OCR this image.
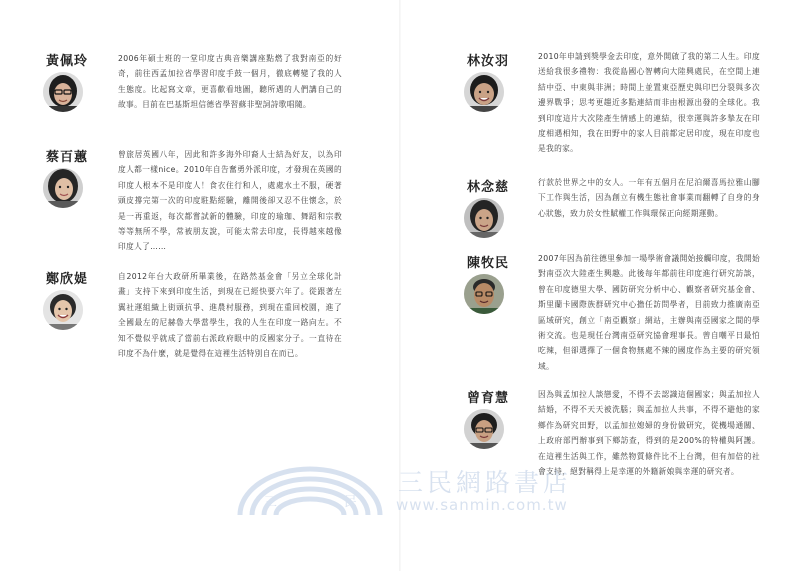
黃佩玲	2006年碩士班的一堂印度古典音樂講座點燃了我對南亞的好奇，前往西孟加拉省學習印度手鼓一個月，徹底轉變了我的人生態度。比起寫文章，更喜歡看地圖，聽所遇的人們講自己的故事。目前在巴基斯坦信德省學習蘇非聖詞詩歌唱隨。
蔡百蕙	曾旅居英國八年，因此和許多海外印裔人士結為好友，以為印度人都一樣nice。2010年自告奮勇外派印度，才發現在英國的印度人根本不是印度人！食衣住行和人，處處水土不服，硬著頭皮撐完第一次的印度駐點經驗，離開後卻又忍不住懷念，於是一再重返，每次都嘗試新的體驗，印度的瑜珈、舞蹈和宗教等等無所不學，常被朋友說，可能太常去印度，長得越來越像印度人了……
鄭欣媞	自2012年台大政研所畢業後，在路然基金會「另立全球化計畫」支持下來到印度生活，到現在已經快要六年了。從跟著左翼社運組織上街頭抗爭、進農村服務，到現在重回校園，進了全國最左的尼赫魯大學當學生，我的人生在印度一路向左。不知不覺似乎就成了當前右派政府眼中的反國家分子。一直待在印度不為什麼，就是覺得在這裡生活特別自在而已。
林汝羽	2010年申請到獎學金去印度，意外開啟了我的第二人生。印度送給我很多禮物：我從島國心智轉向大陸興處民，在空間上連結中亞、中東與非洲；時間上並置東亞歷史與印巴分裂與多次邊界戰爭；思考更趨近多點連結而非由根源出發的全球化。我到印度這片大次陸產生情感上的連結，很幸運與許多摯友在印度相遇相知，我在田野中的家人目前都定居印度，現在印度也是我的家。
林念慈	行款於世界之中的女人。一年有五個月在尼泊爾喜馬拉雅山腳下工作與生活，因為創立有機生態社會事業而翻轉了自身的身心狀態，致力於女性賦權工作與環保正向經期運動。
陳牧民	2007年因為前往德里參加一場學術會議開始接觸印度，我開始對南亞次大陸產生興趣。此後每年都前往印度進行研究訪談，曾在印度德里大學、國防研究分析中心、觀察者研究基金會、斯里蘭卡國際族群研究中心擔任訪問學者，目前致力推廣南亞區域研究，創立「南亞觀察」網站，主辦與南亞國家之間的學術交流。也是現任台灣南亞研究協會理事長。曾自嘲平日最怕吃辣，但卻選擇了一個食物無處不辣的國度作為主要的研究領域。
曾育慧	因為與孟加拉人談戀愛，不得不去認識這個國家；與孟加拉人結婚，不得不天天被洗腦；與孟加拉人共事，不得不避他的家鄉作為研究田野，以孟加拉媳婦的身份做研究，從機場通關、上政府部門辦事到下鄉訪查，得到的是200%的特權與阿護。在這裡生活與工作，雖然物質條件比不上台灣，但有加倍的社會支持，絕對稱得上是幸運的外籍新娘與幸運的研究者。
三	民
三民網路書店
www.sanmin.com.tw
